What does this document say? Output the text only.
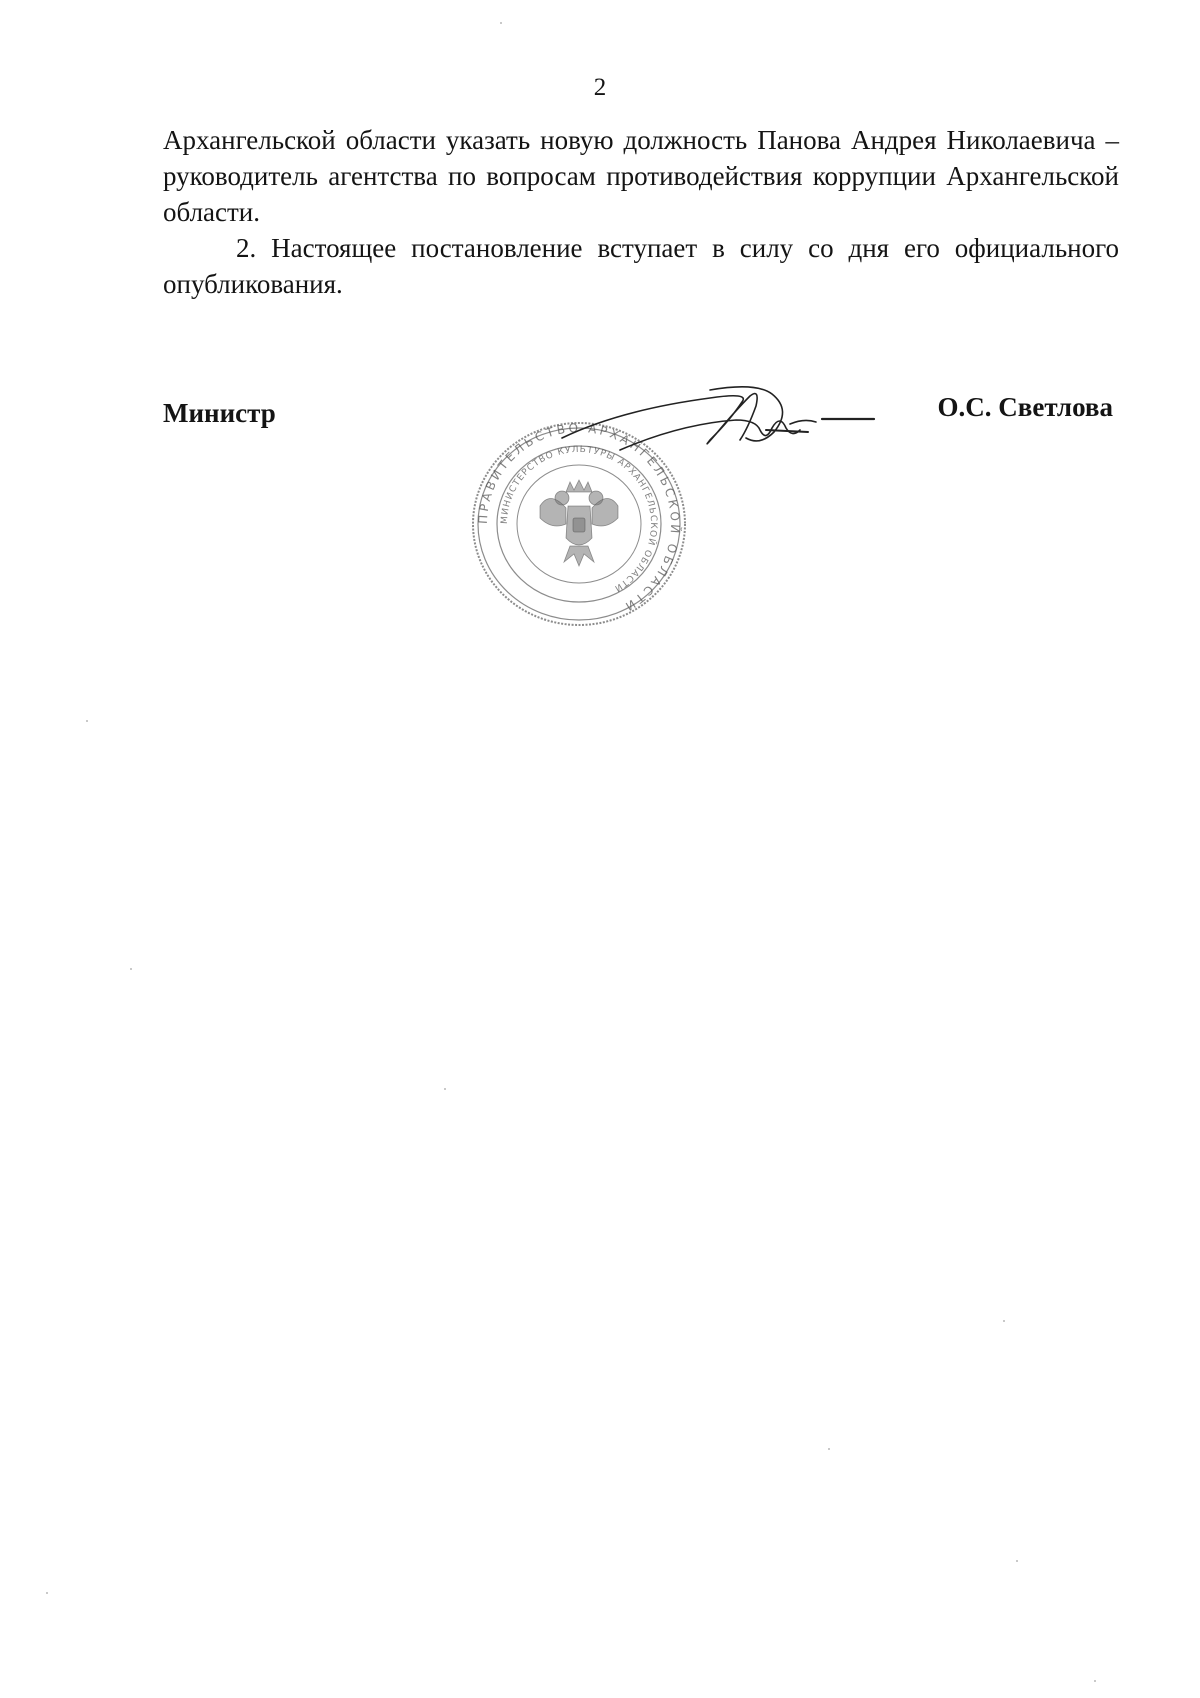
2

Архангельской области указать новую должность Панова Андрея Николаевича – руководитель агентства по вопросам противодействия коррупции Архангельской области.

2. Настоящее постановление вступает в силу со дня его официального опубликования.

Министр	О.С. Светлова
ПРАВИТЕЛЬСТВО АРХАНГЕЛЬСКОЙ ОБЛАСТИ
МИНИСТЕРСТВО КУЛЬТУРЫ АРХАНГЕЛЬСКОЙ ОБЛАСТИ
